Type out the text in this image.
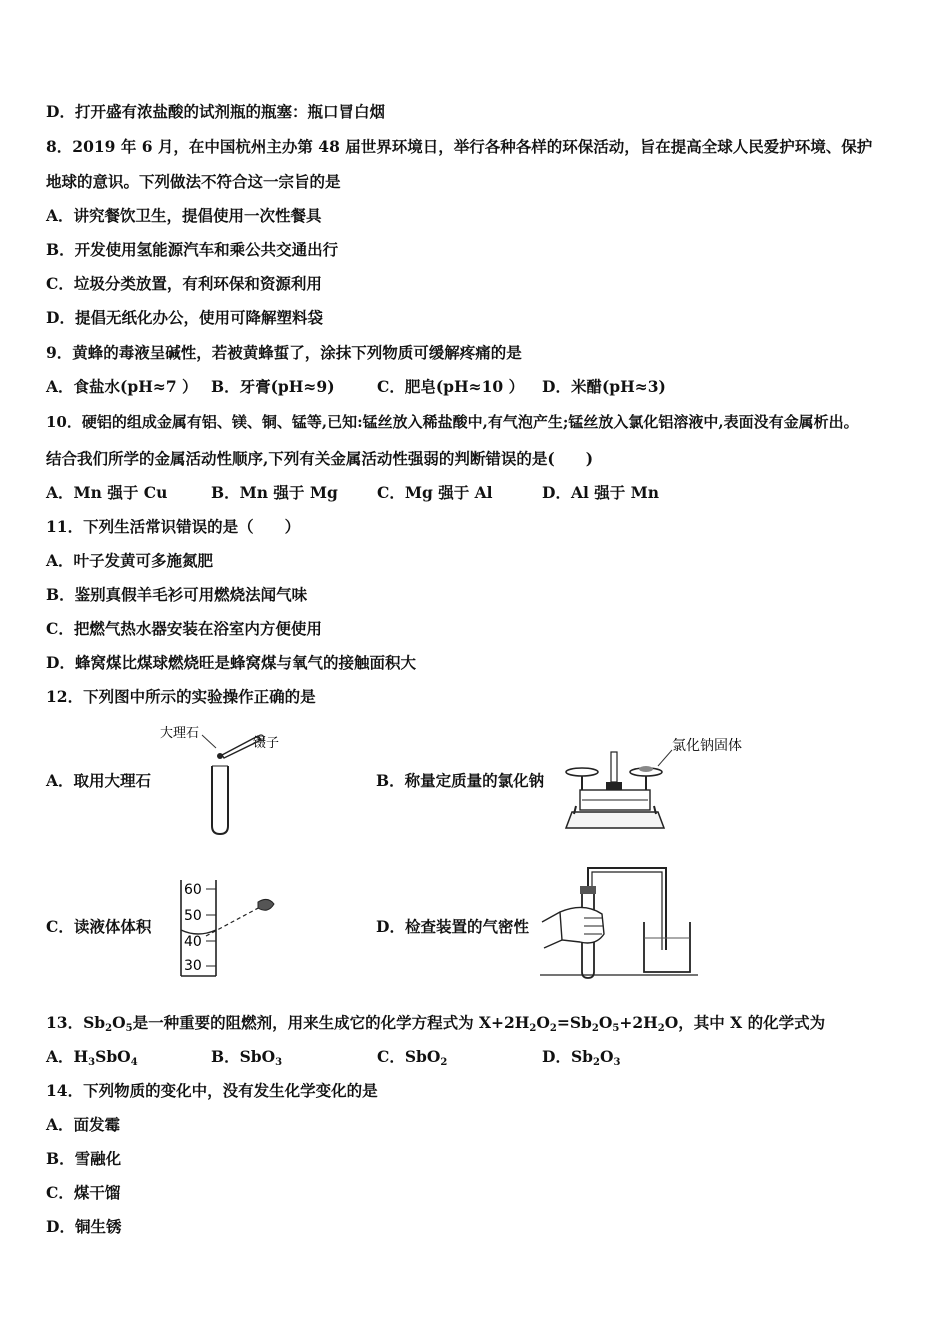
D．打开盛有浓盐酸的试剂瓶的瓶塞：瓶口冒白烟
8．2019 年 6 月，在中国杭州主办第 48 届世界环境日，举行各种各样的环保活动，旨在提高全球人民爱护环境、保护
地球的意识。下列做法不符合这一宗旨的是
A．讲究餐饮卫生，提倡使用一次性餐具
B．开发使用氢能源汽车和乘公共交通出行
C．垃圾分类放置，有利环保和资源利用
D．提倡无纸化办公，使用可降解塑料袋
9．黄蜂的毒液呈碱性，若被黄蜂蜇了，涂抹下列物质可缓解疼痛的是
A．食盐水(pH≈7 ） B．牙膏(pH≈9)	C．肥皂(pH≈10 ） D．米醋(pH≈3)
10．硬铝的组成金属有铝、镁、铜、锰等,已知:锰丝放入稀盐酸中,有气泡产生;锰丝放入氯化铝溶液中,表面没有金属析出。
结合我们所学的金属活动性顺序,下列有关金属活动性强弱的判断错误的是(　　)
A．Mn 强于 Cu	B．Mn 强于 Mg	C．Mg 强于 Al	D．Al 强于 Mn
11．下列生活常识错误的是（　　）
A．叶子发黄可多施氮肥
B．鉴别真假羊毛衫可用燃烧法闻气味
C．把燃气热水器安装在浴室内方便使用
D．蜂窝煤比煤球燃烧旺是蜂窝煤与氧气的接触面积大
12．下列图中所示的实验操作正确的是
A．取用大理石	B．称量定质量的氯化钠
C．读液体体积	D．检查装置的气密性
大理石
镊子	氯化钠固体
60
50
40
30
13．$Sb_2O_5$是一种重要的阻燃剂，用来生成它的化学方程式为 $X+2H_2O_2=Sb_2O_5+2H_2O$，其中 X 的化学式为
A．$H_3SbO_4$	B．SbO$_3$	C．SbO$_2$	D．$Sb_2O_3$
14．下列物质的变化中，没有发生化学变化的是
A．面发霉
B．雪融化
C．煤干馏
D．铜生锈
